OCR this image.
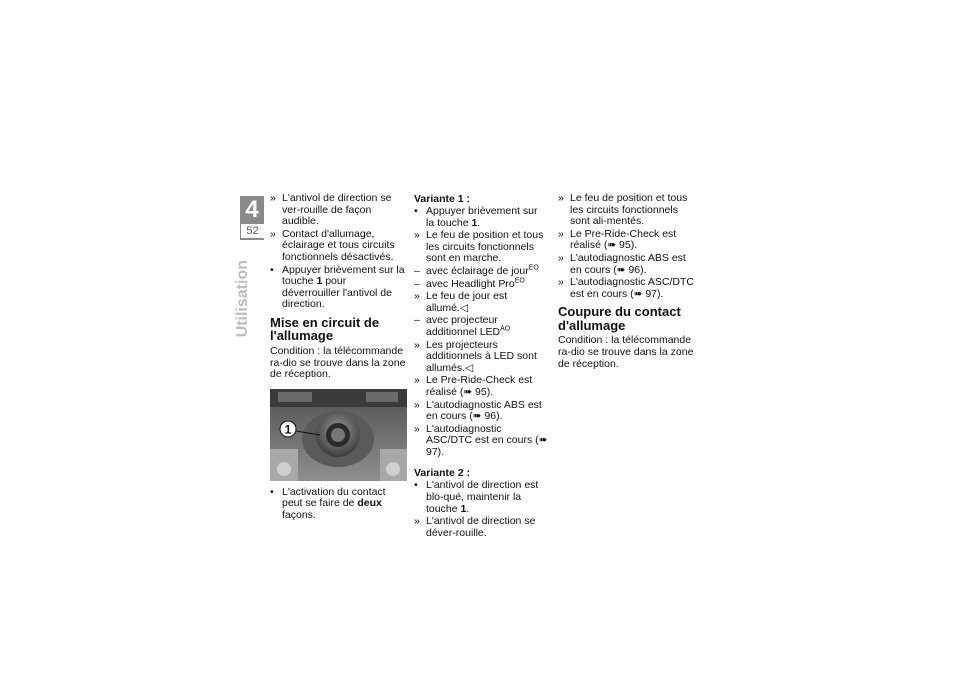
4
52
Utilisation
» L'antivol de direction se ver-rouille de façon audible.
» Contact d'allumage, éclairage et tous circuits fonctionnels désactivés.
• Appuyer brièvement sur la touche 1 pour déverrouiller l'antivol de direction.
Mise en circuit de l'allumage
Condition : la télécommande ra-dio se trouve dans la zone de réception.
1
• L'activation du contact peut se faire de deux façons.
Variante 1 :
• Appuyer brièvement sur la touche 1.
» Le feu de position et tous les circuits fonctionnels sont en marche.
– avec éclairage de jour$^{EO}$
– avec Headlight Pro$^{EO}$
» Le feu de jour est allumé.◁
– avec projecteur additionnel $LED^{AO}$
» Les projecteurs additionnels à LED sont allumés.◁
» Le Pre-Ride-Check est réalisé (➠ 95).
» L'autodiagnostic ABS est en cours (➠ 96).
» L'autodiagnostic ASC/DTC est en cours (➠ 97).
Variante 2 :
• L'antivol de direction est blo-qué, maintenir la touche 1.
» L'antivol de direction se déver-rouille.
» Le feu de position et tous les circuits fonctionnels sont ali-mentés.
» Le Pre-Ride-Check est réalisé (➠ 95).
» L'autodiagnostic ABS est en cours (➠ 96).
» L'autodiagnostic ASC/DTC est en cours (➠ 97).
Coupure du contact d'allumage
Condition : la télécommande ra-dio se trouve dans la zone de réception.
